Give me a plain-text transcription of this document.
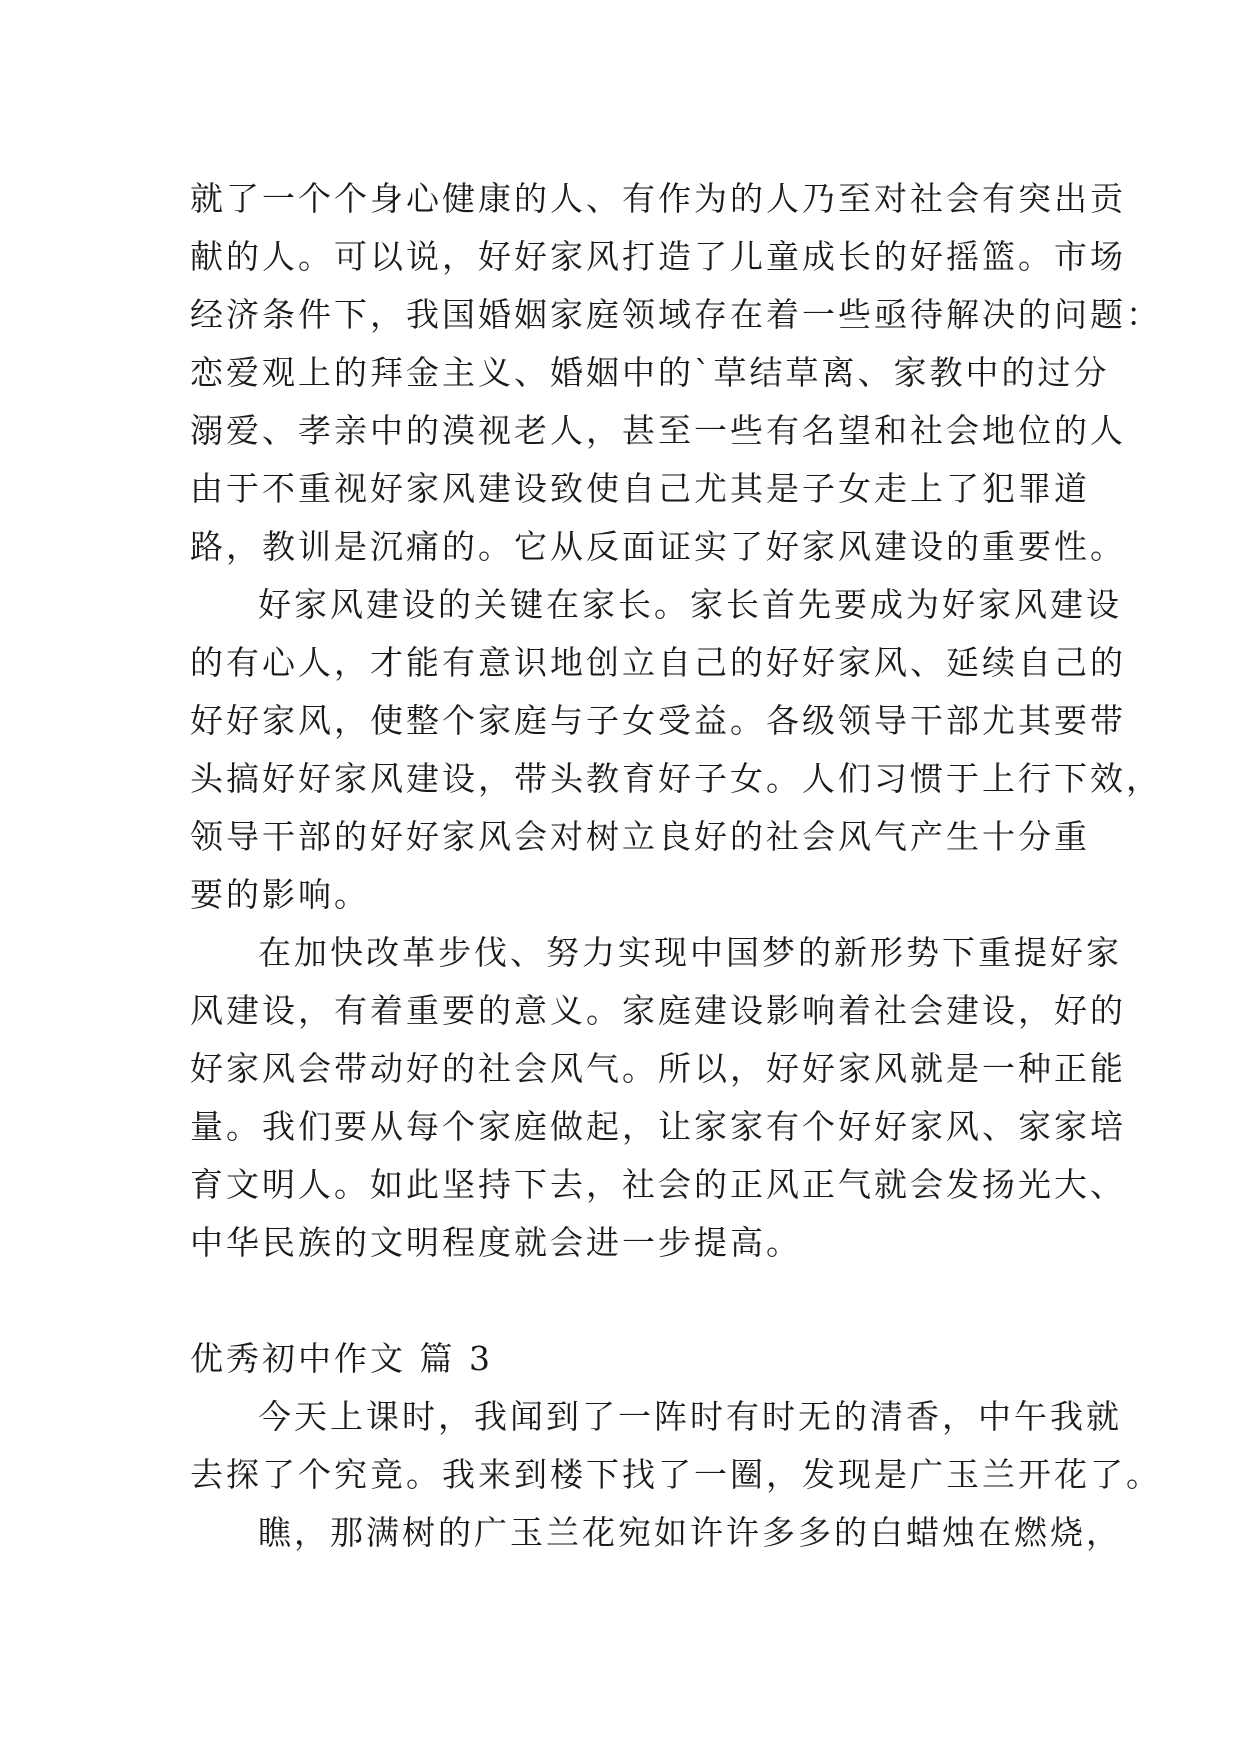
就了一个个身心健康的人、有作为的人乃至对社会有突出贡
献的人。可以说，好好家风打造了儿童成长的好摇篮。市场
经济条件下，我国婚姻家庭领域存在着一些亟待解决的问题：
恋爱观上的拜金主义、婚姻中的`草结草离、家教中的过分
溺爱、孝亲中的漠视老人，甚至一些有名望和社会地位的人
由于不重视好家风建设致使自己尤其是子女走上了犯罪道
路，教训是沉痛的。它从反面证实了好家风建设的重要性。
好家风建设的关键在家长。家长首先要成为好家风建设
的有心人，才能有意识地创立自己的好好家风、延续自己的
好好家风，使整个家庭与子女受益。各级领导干部尤其要带
头搞好好家风建设，带头教育好子女。人们习惯于上行下效，
领导干部的好好家风会对树立良好的社会风气产生十分重
要的影响。
在加快改革步伐、努力实现中国梦的新形势下重提好家
风建设，有着重要的意义。家庭建设影响着社会建设，好的
好家风会带动好的社会风气。所以，好好家风就是一种正能
量。我们要从每个家庭做起，让家家有个好好家风、家家培
育文明人。如此坚持下去，社会的正风正气就会发扬光大、
中华民族的文明程度就会进一步提高。
优秀初中作文 篇 3
今天上课时，我闻到了一阵时有时无的清香，中午我就
去探了个究竟。我来到楼下找了一圈，发现是广玉兰开花了。
瞧，那满树的广玉兰花宛如许许多多的白蜡烛在燃烧，
